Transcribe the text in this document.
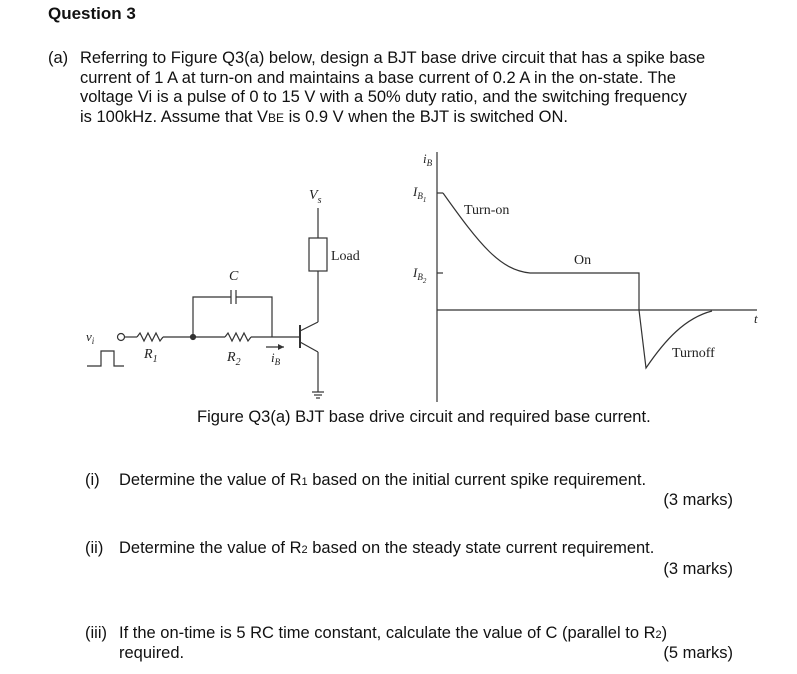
Question 3
(a) Referring to Figure Q3(a) below, design a BJT base drive circuit that has a spike base
current of 1 A at turn-on and maintains a base current of 0.2 A in the on-state. The
voltage Vi is a pulse of 0 to 15 V with a 50% duty ratio, and the switching frequency
is 100kHz. Assume that VBE is 0.9 V when the BJT is switched ON.
$V_s$
Load
C
$v_i$
$R_1$	$R_2$ $i_B$
$i_B$
$I_{B1}$
$I_{B2}$
t
Turn-on
On
Turnoff
Figure Q3(a) BJT base drive circuit and required base current.
(i) Determine the value of R1 based on the initial current spike requirement.
(3 marks)
(ii) Determine the value of R2 based on the steady state current requirement.
(3 marks)
(iii) If the on-time is 5 RC time constant, calculate the value of C (parallel to R2)
required.	(5 marks)
